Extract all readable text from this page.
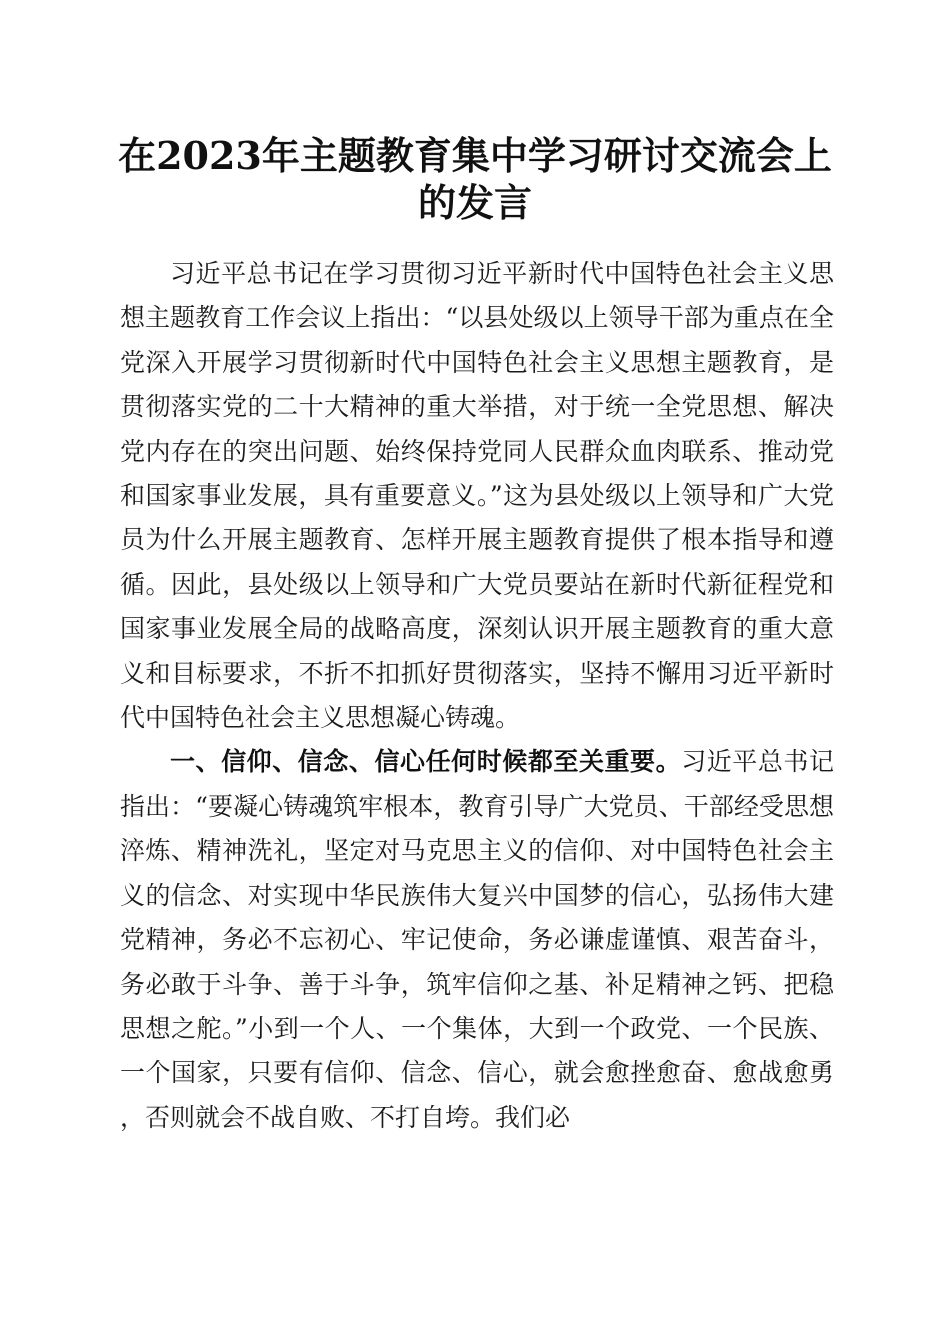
在2023年主题教育集中学习研讨交流会上的发言

习近平总书记在学习贯彻习近平新时代中国特色社会主义思想主题教育工作会议上指出：“以县处级以上领导干部为重点在全党深入开展学习贯彻新时代中国特色社会主义思想主题教育，是贯彻落实党的二十大精神的重大举措，对于统一全党思想、解决党内存在的突出问题、始终保持党同人民群众血肉联系、推动党和国家事业发展，具有重要意义。”这为县处级以上领导和广大党员为什么开展主题教育、怎样开展主题教育提供了根本指导和遵循。因此，县处级以上领导和广大党员要站在新时代新征程党和国家事业发展全局的战略高度，深刻认识开展主题教育的重大意义和目标要求，不折不扣抓好贯彻落实，坚持不懈用习近平新时代中国特色社会主义思想凝心铸魂。

一、信仰、信念、信心任何时候都至关重要。习近平总书记指出：“要凝心铸魂筑牢根本，教育引导广大党员、干部经受思想淬炼、精神洗礼，坚定对马克思主义的信仰、对中国特色社会主义的信念、对实现中华民族伟大复兴中国梦的信心，弘扬伟大建党精神，务必不忘初心、牢记使命，务必谦虚谨慎、艰苦奋斗，务必敢于斗争、善于斗争，筑牢信仰之基、补足精神之钙、把稳思想之舵。”小到一个人、一个集体，大到一个政党、一个民族、一个国家，只要有信仰、信念、信心，就会愈挫愈奋、愈战愈勇，否则就会不战自败、不打自垮。我们必
